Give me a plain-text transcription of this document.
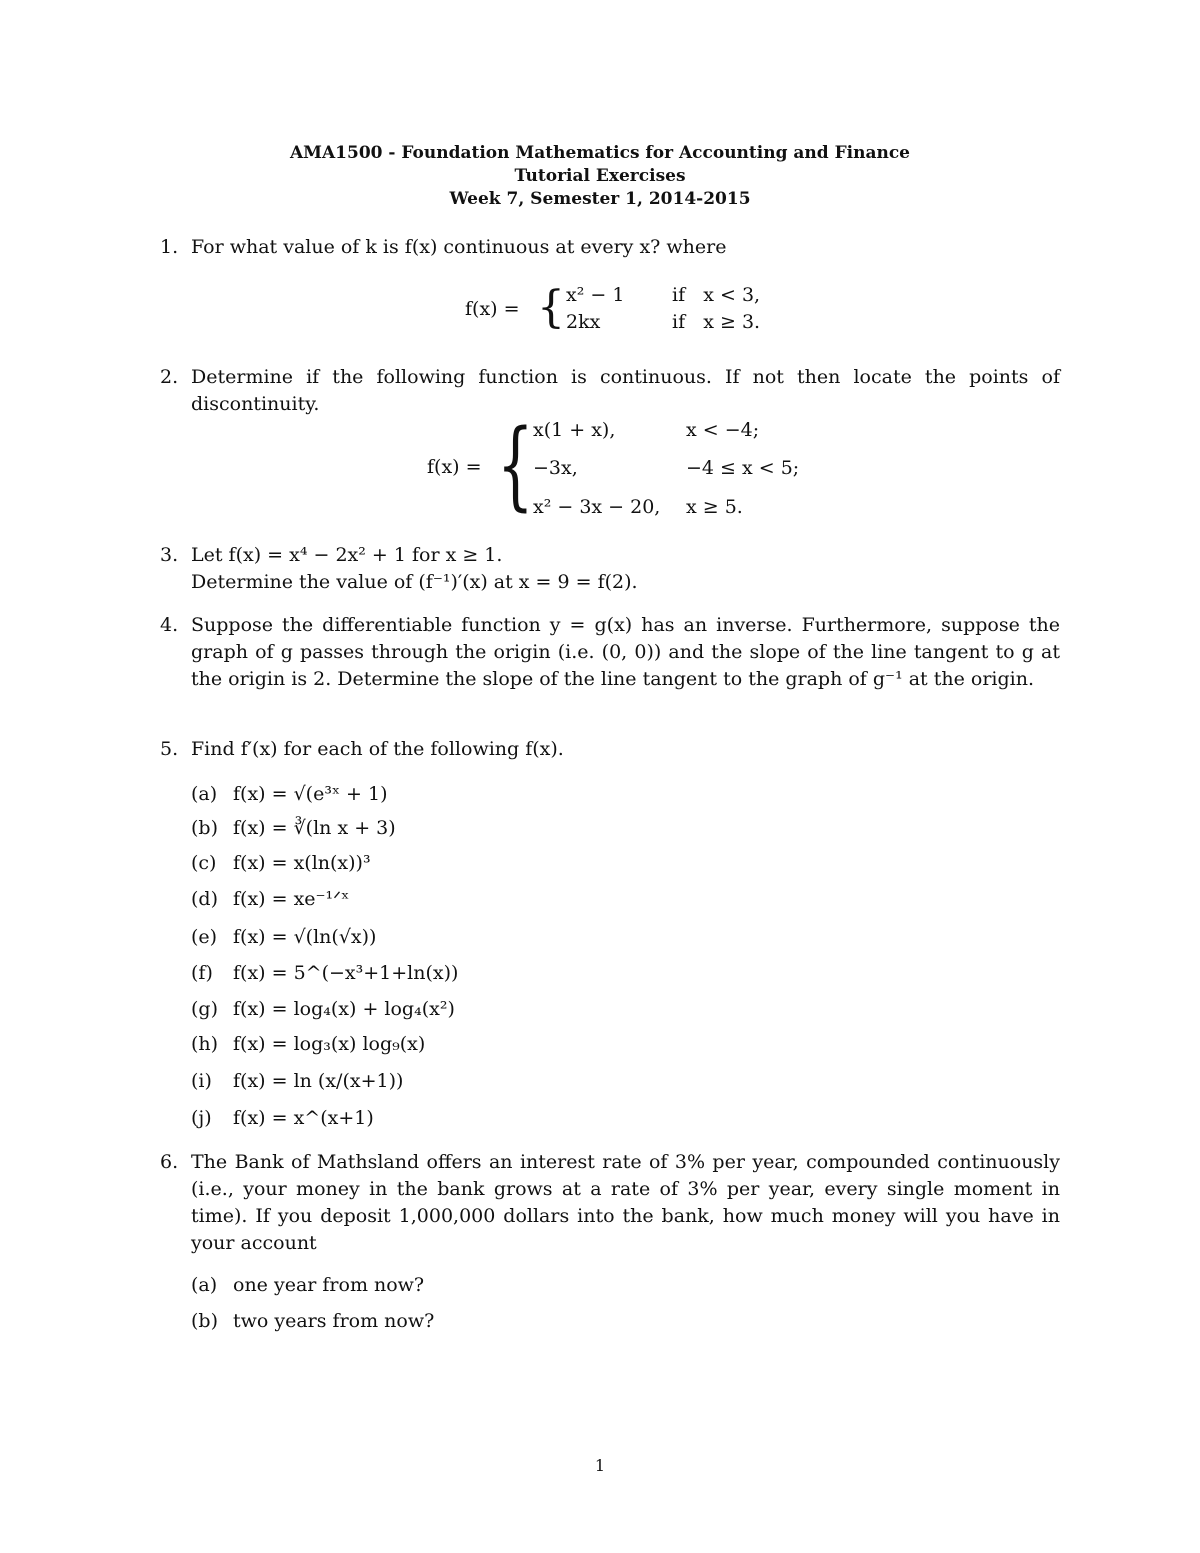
AMA1500 - Foundation Mathematics for Accounting and Finance
Tutorial Exercises
Week 7, Semester 1, 2014-2015
1. For what value of k is f(x) continuous at every x? where
f(x) = { x² − 1	if   x < 3,
2kx	if   x ≥ 3.
2. Determine if the following function is continuous. If not then locate the points of discontinuity.
f(x) = { x(1 + x),	x < −4;
−3x,	−4 ≤ x < 5;
x² − 3x − 20, x ≥ 5.
3. Let f(x) = x⁴ − 2x² + 1 for x ≥ 1.
Determine the value of (f⁻¹)′(x) at x = 9 = f(2).
4. Suppose the differentiable function y = g(x) has an inverse. Furthermore, suppose the graph of g passes through the origin (i.e. (0, 0)) and the slope of the line tangent to g at the origin is 2. Determine the slope of the line tangent to the graph of g⁻¹ at the origin.
5. Find f′(x) for each of the following f(x).
(a) f(x) = √(e³ˣ + 1)
(b) f(x) = ∛(ln x + 3)
(c) f(x) = x(ln(x))³
(d) f(x) = xe⁻¹ᐟˣ
(e) f(x) = √(ln(√x))
(f) f(x) = 5^(−x³+1+ln(x))
(g) f(x) = log₄(x) + log₄(x²)
(h) f(x) = log₃(x) log₉(x)
(i) f(x) = ln (x/(x+1))
(j) f(x) = x^(x+1)
6. The Bank of Mathsland offers an interest rate of 3% per year, compounded continuously (i.e., your money in the bank grows at a rate of 3% per year, every single moment in time). If you deposit 1,000,000 dollars into the bank, how much money will you have in your account
(a) one year from now?
(b) two years from now?
1
